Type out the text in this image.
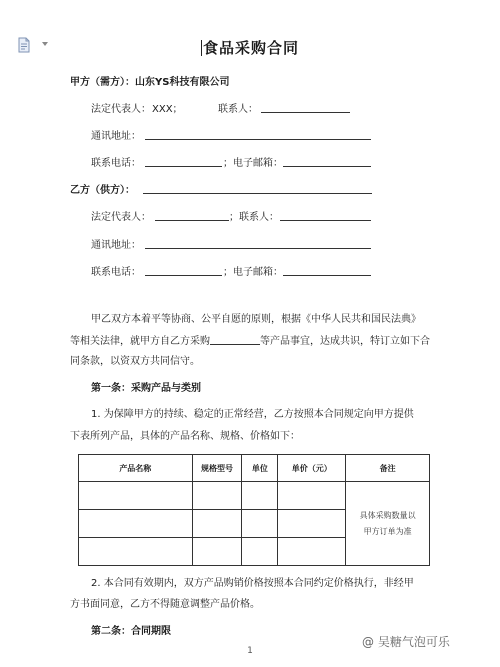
食品采购合同
甲方（需方）：山东YS科技有限公司
法定代表人： XXX；	联系人：
通讯地址：
联系电话：	；电子邮箱：
乙方（供方）：
法定代表人：	；联系人：
通讯地址：
联系电话：	；电子邮箱：
甲乙双方本着平等协商、公平自愿的原则，根据《中华人民共和国民法典》
等相关法律，就甲方自乙方采购	等产品事宜，达成共识，特订立如下合
同条款，以资双方共同信守。
第一条：采购产品与类别
1. 为保障甲方的持续、稳定的正常经营，乙方按照本合同规定向甲方提供
下表所列产品，具体的产品名称、规格、价格如下：
产品名称	规格型号	单位	单价（元）	备注
				具体采购数量以
甲方订单为准

2. 本合同有效期内，双方产品购销价格按照本合同约定价格执行，非经甲
方书面同意，乙方不得随意调整产品价格。
第二条：合同期限
1
@ 吴糖气泡可乐
